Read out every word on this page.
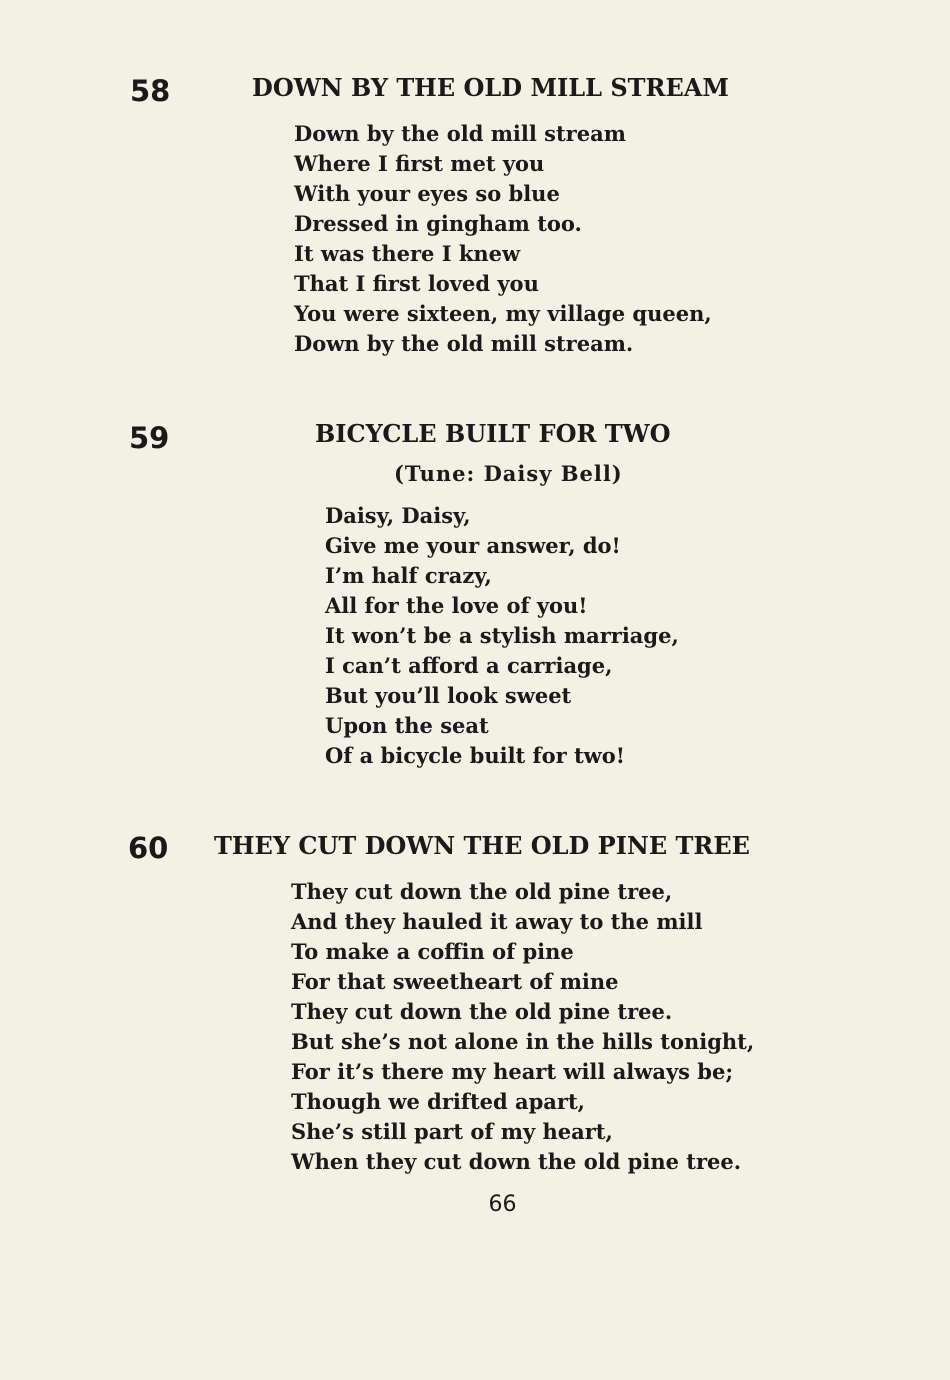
58	DOWN BY THE OLD MILL STREAM
Down by the old mill stream
Where I first met you
With your eyes so blue
Dressed in gingham too.
It was there I knew
That I first loved you
You were sixteen, my village queen,
Down by the old mill stream.
59	BICYCLE BUILT FOR TWO
(Tune: Daisy Bell)
Daisy, Daisy,
Give me your answer, do!
I’m half crazy,
All for the love of you!
It won’t be a stylish marriage,
I can’t afford a carriage,
But you’ll look sweet
Upon the seat
Of a bicycle built for two!
60 THEY CUT DOWN THE OLD PINE TREE
They cut down the old pine tree,
And they hauled it away to the mill
To make a coffin of pine
For that sweetheart of mine
They cut down the old pine tree.
But she’s not alone in the hills tonight,
For it’s there my heart will always be;
Though we drifted apart,
She’s still part of my heart,
When they cut down the old pine tree.
66
